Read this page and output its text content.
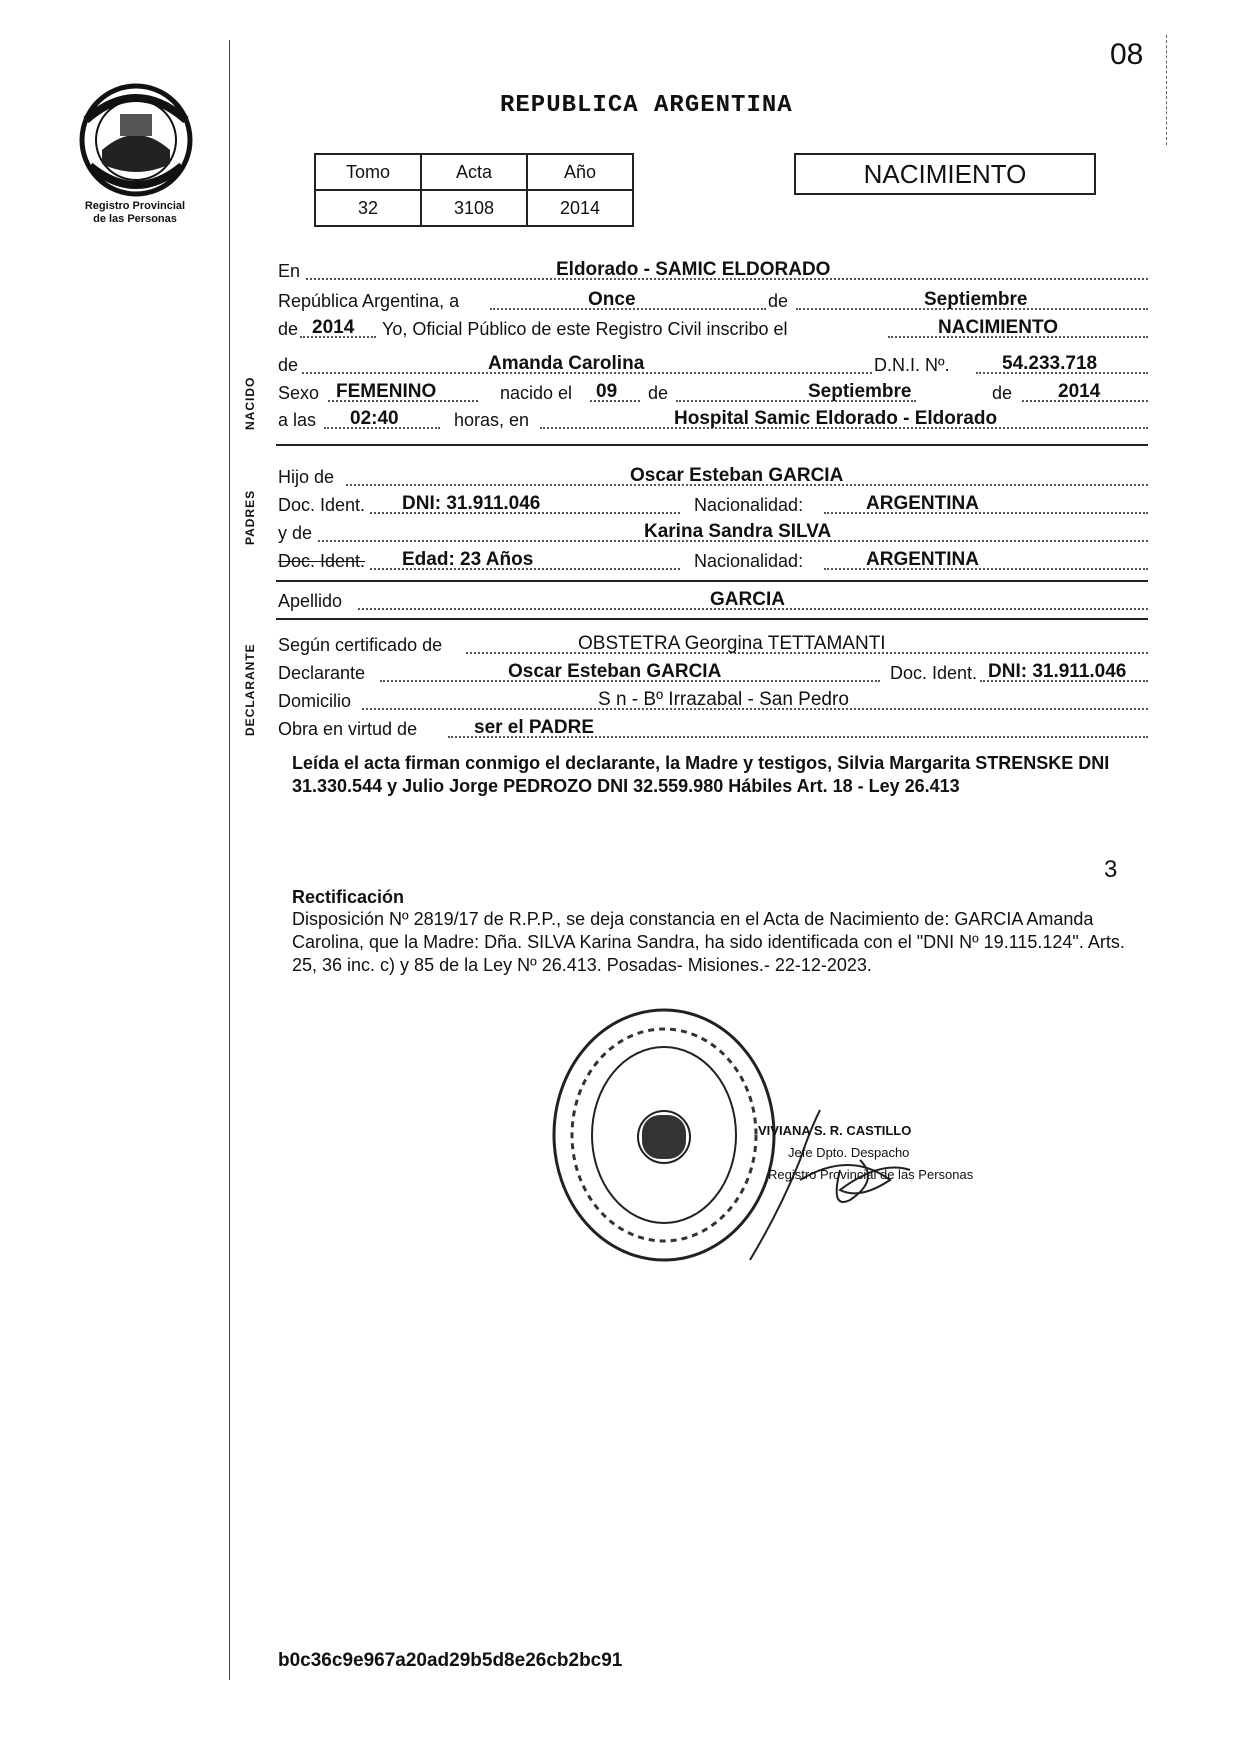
08
Registro Provincial
de las Personas
REPUBLICA ARGENTINA
Tomo	Acta	Año
32	3108	2014
NACIMIENTO
En	Eldorado - SAMIC ELDORADO
República Argentina, a	Once	de	Septiembre
de 2014 Yo, Oficial Público de este Registro Civil inscribo el	NACIMIENTO
NACIDO
de	Amanda Carolina	D.N.I. Nº.	54.233.718
Sexo FEMENINO	nacido el 09 de	Septiembre	de 2014
a las 02:40	horas, en	Hospital Samic Eldorado - Eldorado
PADRES
Hijo de	Oscar Esteban GARCIA
Doc. Ident. DNI: 31.911.046	Nacionalidad:	ARGENTINA
y de	Karina Sandra SILVA
Doc. Ident. Edad: 23 Años	Nacionalidad:	ARGENTINA
Apellido	GARCIA
DECLARANTE Según certificado de	OBSTETRA Georgina TETTAMANTI
Declarante	Oscar Esteban GARCIA	Doc. Ident. DNI: 31.911.046
Domicilio	S n - Bº Irrazabal - San Pedro
Obra en virtud de	ser el PADRE
Leída el acta firman conmigo el declarante, la Madre y testigos, Silvia Margarita STRENSKE DNI 31.330.544 y Julio Jorge PEDROZO DNI 32.559.980 Hábiles Art. 18 - Ley 26.413
3
Rectificación
Disposición Nº 2819/17 de R.P.P., se deja constancia en el Acta de Nacimiento de: GARCIA Amanda Carolina, que la Madre: Dña. SILVA Karina Sandra, ha sido identificada con el "DNI Nº 19.115.124". Arts. 25, 36 inc. c) y 85 de la Ley Nº 26.413. Posadas- Misiones.- 22-12-2023.
VIVIANA S. R. CASTILLO
Jefe Dpto. Despacho
Registro Provincial de las Personas
b0c36c9e967a20ad29b5d8e26cb2bc91
